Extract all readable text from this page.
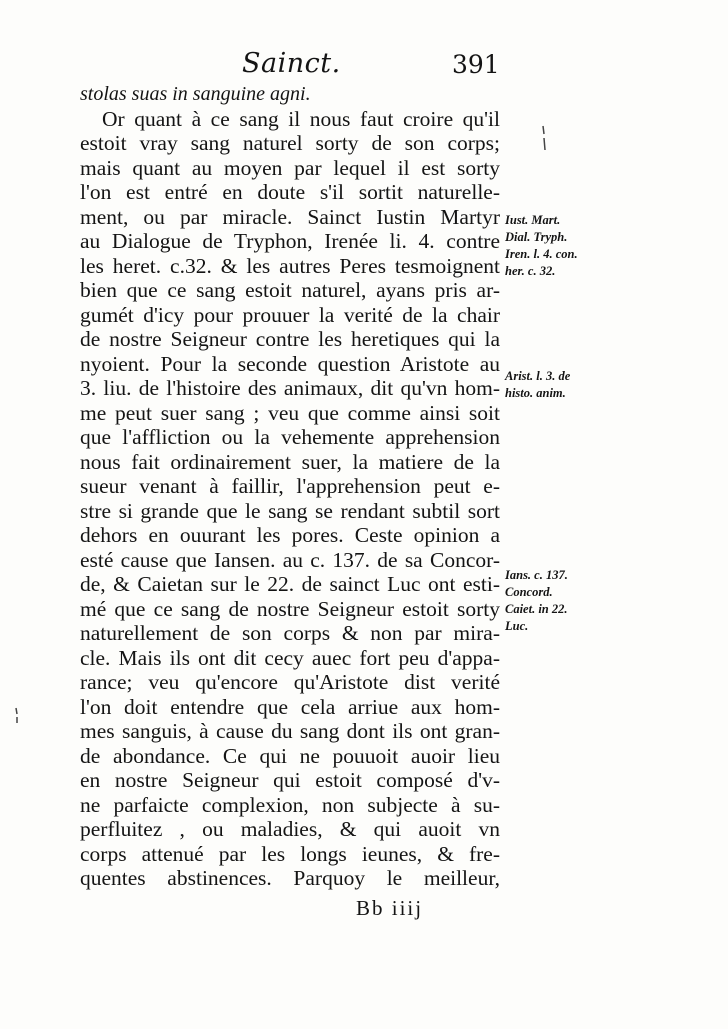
Sainct.	391
stolas suas in sanguine agni.
Or quant à ce sang il nous faut croire qu'il
estoit vray sang naturel sorty de son corps;
mais quant au moyen par lequel il est sorty
l'on est entré en doute s'il sortit naturelle-
ment, ou par miracle. Sainct Iustin Martyr
au Dialogue de Tryphon, Irenée li. 4. contre
les heret. c.32. & les autres Peres tesmoignent
bien que ce sang estoit naturel, ayans pris ar-
gumét d'icy pour prouuer la verité de la chair
de nostre Seigneur contre les heretiques qui la
nyoient. Pour la seconde question Aristote au
3. liu. de l'histoire des animaux, dit qu'vn hom-
me peut suer sang ; veu que comme ainsi soit
que l'affliction ou la vehemente apprehension
nous fait ordinairement suer, la matiere de la
sueur venant à faillir, l'apprehension peut e-
stre si grande que le sang se rendant subtil sort
dehors en ouurant les pores. Ceste opinion a
esté cause que Iansen. au c. 137. de sa Concor-
de, & Caietan sur le 22. de sainct Luc ont esti-
mé que ce sang de nostre Seigneur estoit sorty
naturellement de son corps & non par mira-
cle. Mais ils ont dit cecy auec fort peu d'appa-
rance; veu qu'encore qu'Aristote dist verité
l'on doit entendre que cela arriue aux hom-
mes sanguis, à cause du sang dont ils ont gran-
de abondance. Ce qui ne pouuoit auoir lieu
en nostre Seigneur qui estoit composé d'v-
ne parfaicte complexion, non subjecte à su-
perfluitez , ou maladies, & qui auoit vn
corps attenué par les longs ieunes, & fre-
quentes abstinences. Parquoy le meilleur,
Bb iiij
Iust. Mart.
Dial. Tryph.
Iren. l. 4. con.
her. c. 32.
Arist. l. 3. de
histo. anim.
Ians. c. 137.
Concord.
Caiet. in 22.
Luc.
